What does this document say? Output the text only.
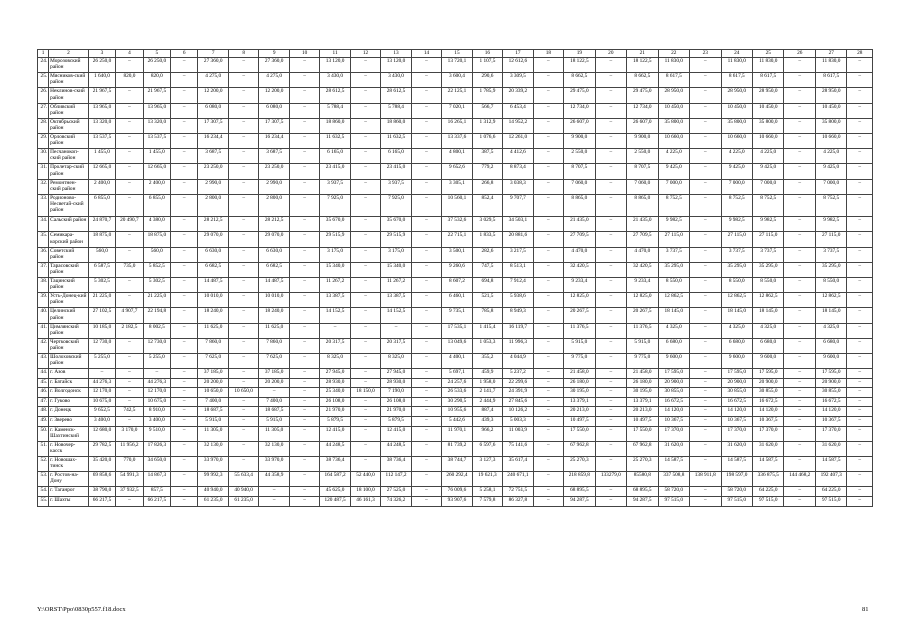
1	2	3	4	5	6	7	8	9	10	11	12	13	14	15	16	17	18	19	20	21	22	23	24	25	26	27	28
24.	Морозовский район	26 250,0	–	26 250,0	–	27 360,0	–	27 360,0	–	13 120,0	–	13 120,0	–	13 720,1	1 107,5	12 612,6	–	18 122,5	–	18 122,5	11 830,0	–	11 830,0	11 830,0	–	11 830,0	–
25.	Мясников-ский район	1 640,0	820,0	820,0	–	4 275,0	–	4 275,0	–	3 430,0	–	3 430,0	–	3 600,4	290,6	3 309,5	–	8 662,5	–	8 662,5	8 617,5	–	8 617,5	8 617,5	–	8 617,5	–
26.	Неклинов-ский район	21 967,5	–	21 967,5	–	12 200,0	–	12 200,0	–	28 612,5	–	28 612,5	–	22 125,1	1 785,9	20 339,2	–	29 475,0	–	29 475,0	28 950,0	–	28 950,0	28 950,0	–	28 950,0	–
27.	Обливский район	13 965,0	–	13 965,0	–	6 080,0	–	6 080,0	–	5 788,4	–	5 788,4	–	7 020,1	566,7	6 453,4	–	12 734,0	–	12 734,0	10 450,0	–	10 450,0	10 450,0	–	10 450,0	–
28.	Октябрьский район	13 320,0	–	13 320,0	–	17 307,5	–	17 307,5	–	18 860,0	–	18 860,0	–	16 265,1	1 312,9	14 952,2	–	26 607,0	–	26 607,0	35 800,0	–	35 800,0	35 800,0	–	35 800,0	–
29.	Орловский район	13 537,5	–	13 537,5	–	16 234,4	–	16 234,4	–	11 632,5	–	11 632,5	–	13 337,6	1 076,6	12 261,0	–	9 900,0	–	9 900,0	10 660,0	–	10 660,0	10 660,0	–	10 660,0	–
30.	Песчанокоп-ский район	1 455,0	–	1 455,0	–	3 687,5	–	3 687,5	–	6 165,0	–	6 165,0	–	4 800,1	387,5	4 412,6	–	2 550,0	–	2 550,0	4 225,0	–	4 225,0	4 225,0	–	4 225,0	–
31.	Пролетар-ский район	12 665,0	–	12 665,0	–	23 250,0	–	23 250,0	–	23 415,0	–	23 415,0	–	9 652,6	779,2	8 873,4	–	8 707,5	–	8 707,5	9 425,0	–	9 425,0	9 425,0	–	9 425,0	–
32.	Ремонтнен-ский район	2 400,0	–	2 400,0	–	2 990,0	–	2 990,0	–	3 937,5	–	3 937,5	–	3 305,1	266,8	3 038,3	–	7 060,0	–	7 060,0	7 000,0	–	7 000,0	7 000,0	–	7 000,0	–
33.	Родионово-Несветай-ский район	6 855,0	–	6 855,0	–	2 800,0	–	2 800,0	–	7 925,0	–	7 925,0	–	10 560,1	852,4	9 707,7	–	8 865,0	–	8 865,0	8 752,5	–	8 752,5	8 752,5	–	8 752,5	–
34.	Сальский район	24 870,7	20 490,7	4 380,0	–	28 212,5	–	28 212,5	–	35 670,0	–	35 670,0	–	37 532,6	3 029,5	34 503,1	–	21 435,0	–	21 435,0	9 982,5	–	9 982,5	9 982,5	–	9 982,5	–
35.	Семикара-корский район	18 875,0	–	18 875,0	–	29 070,0	–	29 070,0	–	29 515,9	–	29 515,9	–	22 715,1	1 833,5	20 881,6	–	27 709,5	–	27 709,5	27 115,0	–	27 115,0	27 115,0	–	27 115,0	–
36.	Советский район	560,0	–	560,0	–	6 630,0	–	6 630,0	–	3 175,0	–	3 175,0	–	3 500,1	282,6	3 217,5	–	4 470,0	–	4 470,0	3 737,5	–	3 737,5	3 737,5	–	3 737,5	–
37.	Тарасовский район	6 587,5	735,0	5 852,5	–	6 682,5	–	6 682,5	–	15 340,0	–	15 340,0	–	9 260,6	747,5	8 513,1	–	32 420,5	–	32 420,5	35 295,0	–	35 295,0	35 295,0	–	35 295,0	–
38.	Тацинский район	5 302,5	–	5 302,5	–	14 487,5	–	14 487,5	–	11 267,2	–	11 267,2	–	8 607,2	694,8	7 912,4	–	9 233,4	–	9 233,4	8 550,0	–	8 550,0	8 550,0	–	8 550,0	–
39.	Усть-Донец-кий район	21 225,0	–	21 225,0	–	10 010,0	–	10 010,0	–	13 387,5	–	13 387,5	–	6 460,1	521,5	5 938,6	–	12 825,0	–	12 825,0	12 862,5	–	12 862,5	12 862,5	–	12 862,5	–
40.	Целинский район	27 102,5	4 907,7	22 194,8	–	18 240,0	–	18 240,0	–	14 152,5	–	14 152,5	–	9 735,1	785,8	8 949,3	–	20 267,5	–	20 267,5	18 145,0	–	18 145,0	18 145,0	–	18 145,0	–
41.	Цимлянский район	10 185,0	2 182,5	8 002,5	–	11 625,0	–	11 625,0	–	–	–	–	–	17 535,1	1 415,4	16 119,7	–	11 376,5	–	11 376,5	4 325,0	–	4 325,0	4 325,0	–	4 325,0	–
42.	Чертковский район	12 730,0	–	12 730,0	–	7 860,0	–	7 860,0	–	20 317,5	–	20 317,5	–	13 049,6	1 053,3	11 996,3	–	5 915,0	–	5 915,0	6 680,0	–	6 680,0	6 680,0	–	6 680,0	–
43.	Шолоховский район	5 255,0	–	5 255,0	–	7 625,0	–	7 625,0	–	8 325,0	–	8 325,0	–	4 400,1	355,2	4 044,9	–	9 775,0	–	9 775,0	9 600,0	–	9 600,0	9 600,0	–	9 600,0	–
44.	г. Азов	–	–	–	–	37 185,0	–	37 185,0	–	27 945,0	–	27 945,0	–	5 697,1	459,9	5 237,2	–	21 458,0	–	21 458,0	17 595,0	–	17 595,0	17 595,0	–	17 595,0	–
45.	г. Батайск	44 276,3	–	44 276,3	–	20 200,0	–	20 200,0	–	28 930,0	–	28 930,0	–	24 257,6	1 958,0	22 299,6	–	26 180,0	–	26 180,0	20 900,0	–	20 900,0	20 900,0	–	20 900,0	–
46.	г. Волгодонск	12 170,0	–	12 170,0	–	10 650,0	10 650,0	–	–	25 340,0	18 150,0	7 190,0	–	26 533,6	2 141,7	24 391,9	–	30 195,0	–	30 195,0	30 855,0	–	30 855,0	30 855,0	–	30 855,0	–
47.	г. Гуково	10 675,0	–	10 675,0	–	7 400,0	–	7 400,0	–	26 108,0	–	26 108,0	–	30 290,5	2 444,9	27 845,6	–	13 379,1	–	13 379,1	16 672,5	–	16 672,5	16 672,5	–	16 672,5	–
48.	г. Донецк	9 652,5	742,5	8 910,0	–	18 687,5	–	18 687,5	–	21 970,0	–	21 970,0	–	10 955,6	887,4	10 126,2	–	20 213,0	–	20 213,0	14 120,0	–	14 120,0	14 120,0	–	14 120,0	–
49.	г. Зверево	3 400,0	–	3 400,0	–	5 915,0	–	5 915,0	–	5 879,5	–	5 879,5	–	5 442,6	439,3	5 003,3	–	10 497,5	–	10 497,5	10 367,5	–	10 367,5	10 367,5	–	10 367,5	–
50.	г. Каменск-Шахтинский	12 680,0	3 170,0	9 510,0	–	11 305,0	–	11 305,0	–	12 415,0	–	12 415,0	–	11 970,1	966,2	11 003,9	–	17 550,0	–	17 550,0	17 370,0	–	17 370,0	17 370,0	–	17 370,0	–
51.	г. Новочер-касск	29 782,5	11 956,2	17 826,3	–	32 130,0	–	32 130,0	–	44 248,5	–	44 248,5	–	81 739,2	6 597,6	75 141,6	–	67 962,8	–	67 962,8	31 620,0	–	31 620,0	31 620,0	–	31 620,0	–
52.	г. Новошах-тинск	35 420,0	770,0	34 650,0	–	33 970,0	–	33 970,0	–	38 736,4	–	38 736,4	–	38 744,7	3 127,3	35 617,4	–	25 270,3	–	25 270,3	14 587,5	–	14 587,5	14 587,5	–	14 587,5	–
53.	г. Ростов-на-Дону	69 858,6	54 991,3	14 867,3	–	99 992,3	55 633,4	44 358,9	–	164 587,2	52 440,0	112 147,2	–	260 292,4	19 621,3	240 671,1	–	218 859,8	133279,0	85580,8	337 508,8	138 911,8	198 597,0	336 875,5	144 468,2	192 407,3	–
54.	г. Таганрог	38 790,0	37 932,5	857,5	–	40 940,0	40 940,0	–	–	45 625,0	18 100,0	27 525,0	–	76 009,6	5 258,1	72 751,5	–	68 895,5	–	68 895,5	58 720,0	–	58 720,0	64 225,0	–	64 225,0	–
55.	г. Шахты	66 217,5	–	66 217,5	–	61 235,0	61 235,0	–	–	120 487,5	46 161,3	74 326,2	–	93 907,6	7 579,8	86 327,8	–	94 287,5	–	94 287,5	97 515,0	–	97 515,0	97 515,0	–	97 515,0	–
Y:\ORST\Ppo\0830p557.f18.docx	81
